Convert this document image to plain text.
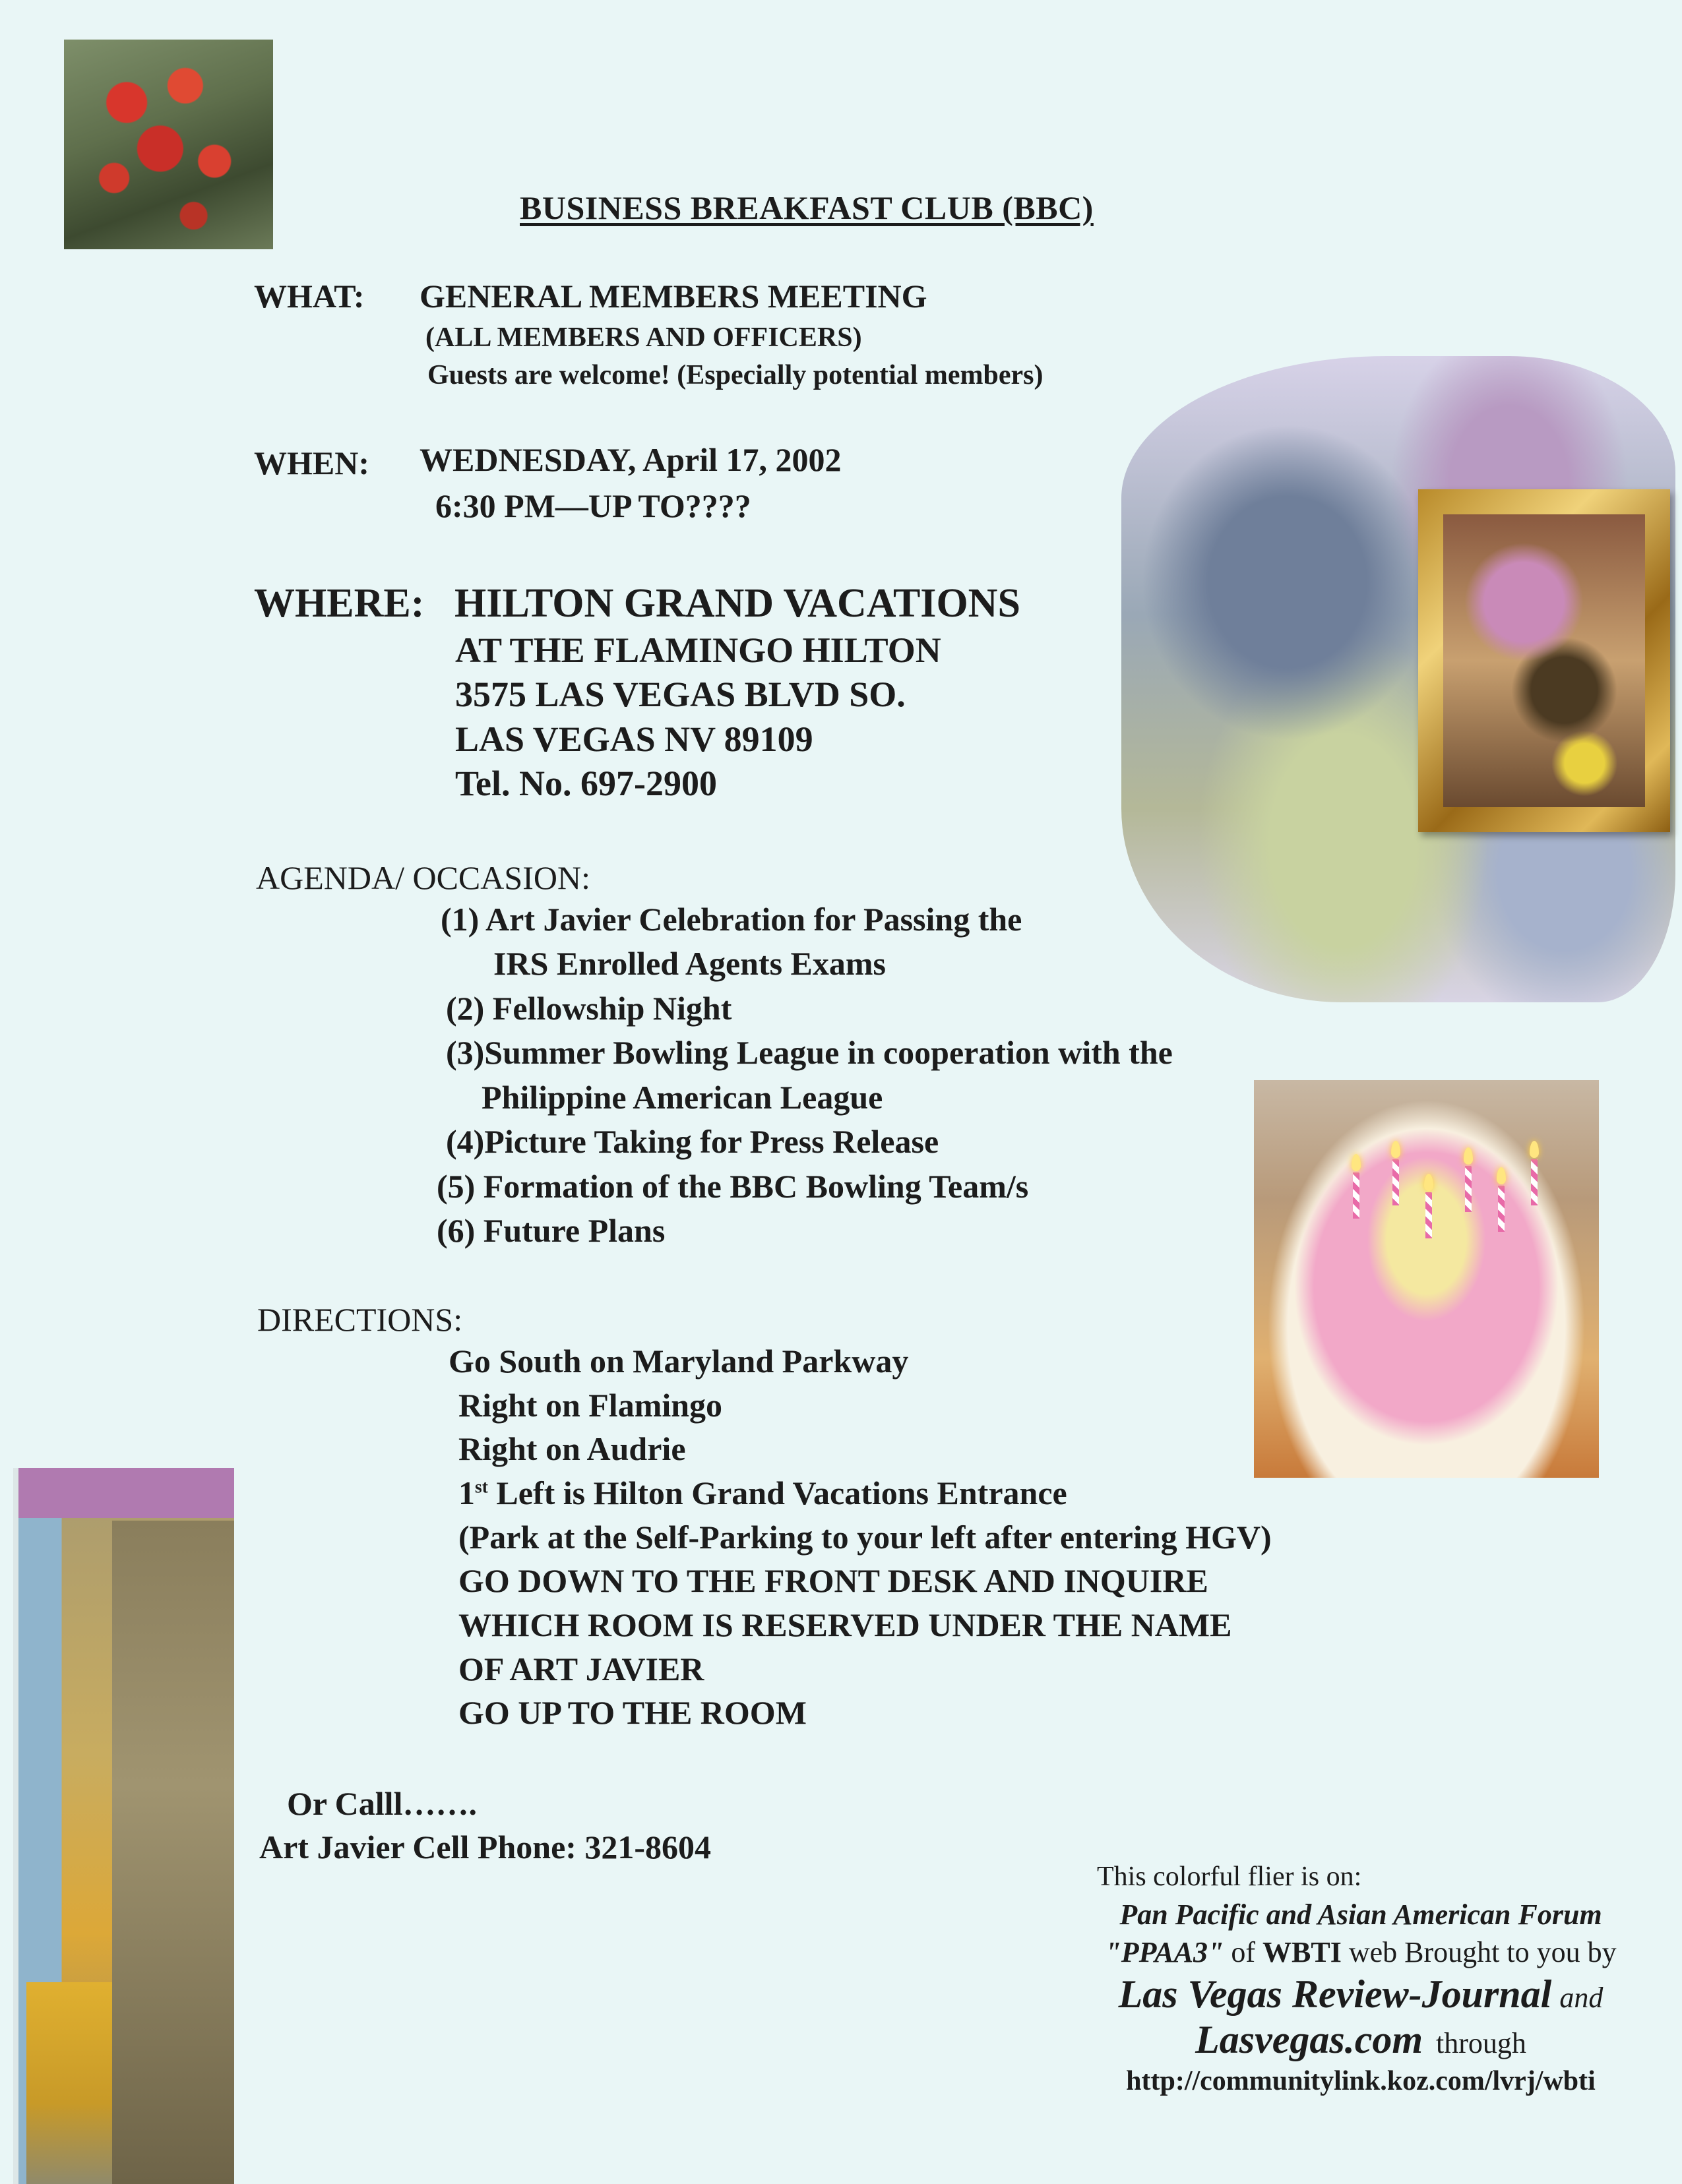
BUSINESS BREAKFAST CLUB (BBC)
WHAT: GENERAL MEMBERS MEETING
(ALL MEMBERS AND OFFICERS)
Guests are welcome! (Especially potential members)
WHEN: WEDNESDAY, April 17, 2002
6:30 PM—UP TO????
WHERE: HILTON GRAND VACATIONS
AT THE FLAMINGO HILTON
3575 LAS VEGAS BLVD SO.
LAS VEGAS NV 89109
Tel. No. 697-2900
AGENDA/ OCCASION:
(1) Art Javier Celebration for Passing the
IRS Enrolled Agents Exams
(2) Fellowship Night
(3)Summer Bowling League in cooperation with the
Philippine American League
(4)Picture Taking for Press Release
(5) Formation of the BBC Bowling Team/s
(6) Future Plans
DIRECTIONS:
Go South on Maryland Parkway
Right on Flamingo
Right on Audrie
1st Left is Hilton Grand Vacations Entrance
(Park at the Self-Parking to your left after entering HGV)
GO DOWN TO THE FRONT DESK AND INQUIRE
WHICH ROOM IS RESERVED UNDER THE NAME
OF ART JAVIER
GO UP TO THE ROOM
Or Calll…….
Art Javier Cell Phone: 321-8604
This colorful flier is on:
Pan Pacific and Asian American Forum
"PPAA3" of WBTI web Brought to you by
Las Vegas Review-Journal and
Lasvegas.com through
http://communitylink.koz.com/lvrj/wbti
